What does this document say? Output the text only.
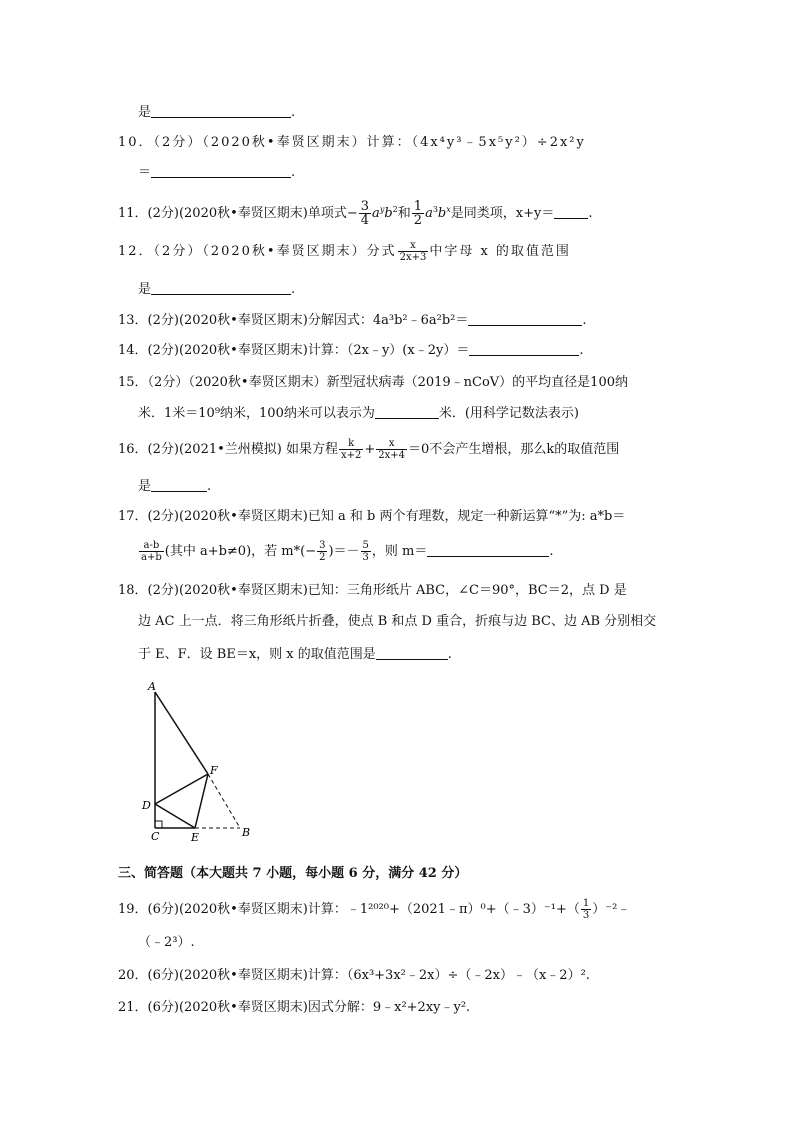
是	.
10．（2分）（2020秋•奉贤区期末）计算：（4x⁴y³﹣5x⁵y²）÷2x²y
＝	.
11．(2分)(2020秋•奉贤区期末)单项式− $\frac{3}{4} a^yb^2$和 $\frac{1}{2} a^3b^x$是同类项，x+y＝	.
12．（2分）（2020秋•奉贤区期末）分式 $\frac{x}{2x+3}$ 中字母 x 的取值范围
是	.
13．(2分)(2020秋•奉贤区期末)分解因式：4a³b²﹣6a²b²＝	.
14．(2分)(2020秋•奉贤区期末)计算：（2x﹣y）(x﹣2y）＝	.
15．（2分）（2020秋•奉贤区期末）新型冠状病毒（2019﹣nCoV）的平均直径是100纳
米．1米＝10⁹纳米，100纳米可以表示为	米．(用科学记数法表示)
16．(2分)(2021•兰州模拟) 如果方程 $\frac{k}{x+2} + \frac{x}{2x+4} =0$不会产生增根，那么k的取值范围
是	.
17．(2分)(2020秋•奉贤区期末)已知 a 和 b 两个有理数，规定一种新运算“*”为: a*b＝
$\frac{a-b}{a+b}$ (其中 a+b≠0)，若 $m*(- \frac{3}{2}$ )＝－ $\frac{5}{3}$ ，则 m＝	.
18．(2分)(2020秋•奉贤区期末)已知：三角形纸片 ABC，∠C＝90°，BC＝2，点 D 是
边 AC 上一点．将三角形纸片折叠，使点 B 和点 D 重合，折痕与边 BC、边 AB 分别相交
于 E、F．设 BE＝x，则 x 的取值范围是	.
A
D
C	E	B
F
三、简答题（本大题共 7 小题，每小题 6 分，满分 42 分）
19．(6分)(2020秋•奉贤区期末)计算：﹣1²⁰²⁰+（2021﹣π）⁰+（﹣3）⁻¹+（ $\frac{1}{3}$ ）⁻²﹣
（﹣2³）.
20．(6分)(2020秋•奉贤区期末)计算：（6x³+3x²﹣2x）÷（﹣2x）﹣（x﹣2）².
21．(6分)(2020秋•奉贤区期末)因式分解：9﹣x²+2xy﹣y².
